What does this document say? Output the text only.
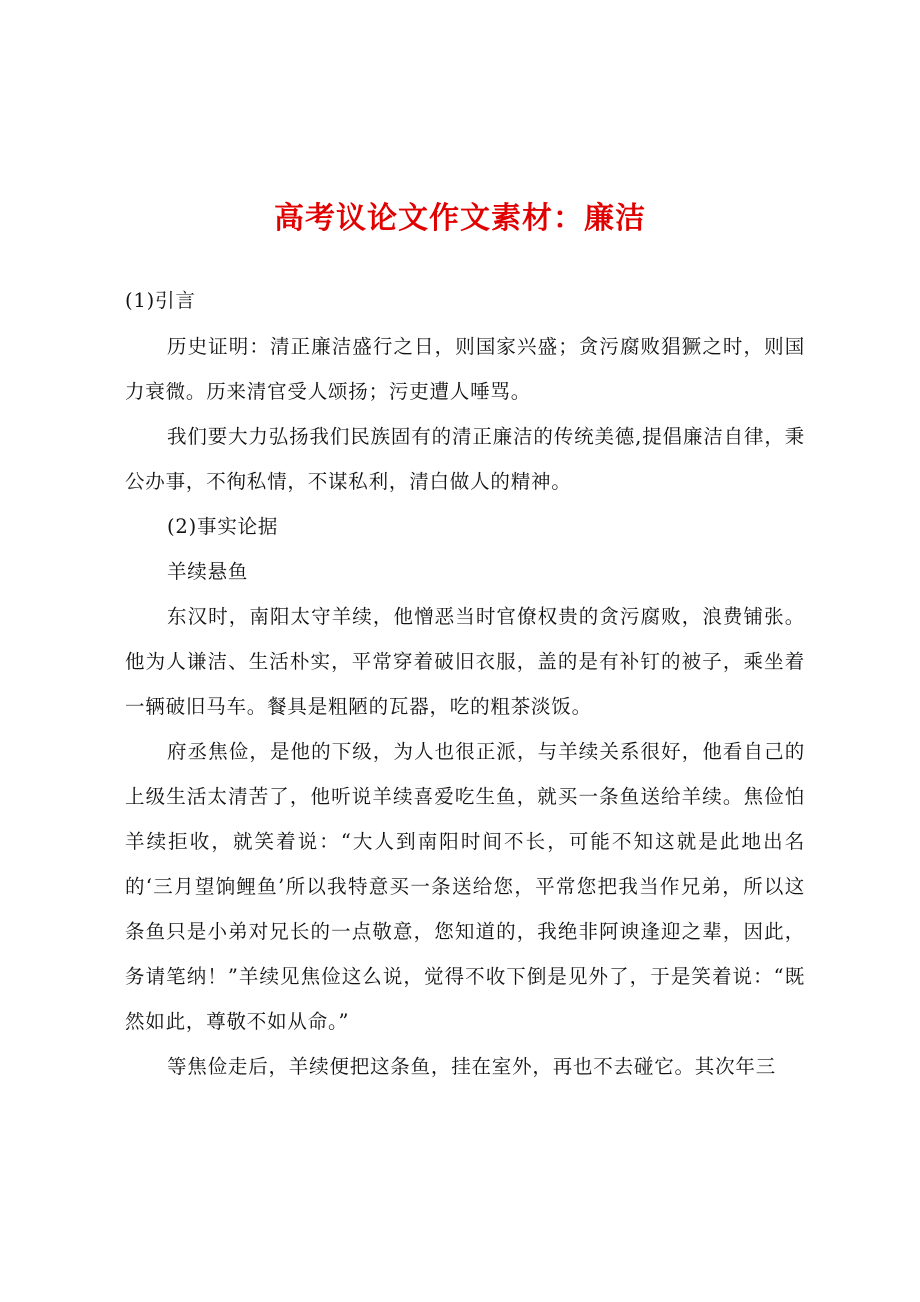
高考议论文作文素材：廉洁
(1)引言

历史证明：清正廉洁盛行之日，则国家兴盛；贪污腐败猖獗之时，则国力衰微。历来清官受人颂扬；污吏遭人唾骂。

我们要大力弘扬我们民族固有的清正廉洁的传统美德,提倡廉洁自律，秉公办事，不徇私情，不谋私利，清白做人的精神。

(2)事实论据

羊续悬鱼

东汉时，南阳太守羊续，他憎恶当时官僚权贵的贪污腐败，浪费铺张。他为人谦洁、生活朴实，平常穿着破旧衣服，盖的是有补钉的被子，乘坐着一辆破旧马车。餐具是粗陋的瓦器，吃的粗茶淡饭。

府丞焦俭，是他的下级，为人也很正派，与羊续关系很好，他看自己的上级生活太清苦了，他听说羊续喜爱吃生鱼，就买一条鱼送给羊续。焦俭怕羊续拒收，就笑着说：“大人到南阳时间不长，可能不知这就是此地出名的‘三月望饷鲤鱼’所以我特意买一条送给您，平常您把我当作兄弟，所以这条鱼只是小弟对兄长的一点敬意，您知道的，我绝非阿谀逢迎之辈，因此，务请笔纳！”羊续见焦俭这么说，觉得不收下倒是见外了，于是笑着说：“既然如此，尊敬不如从命。”

等焦俭走后，羊续便把这条鱼，挂在室外，再也不去碰它。其次年三
